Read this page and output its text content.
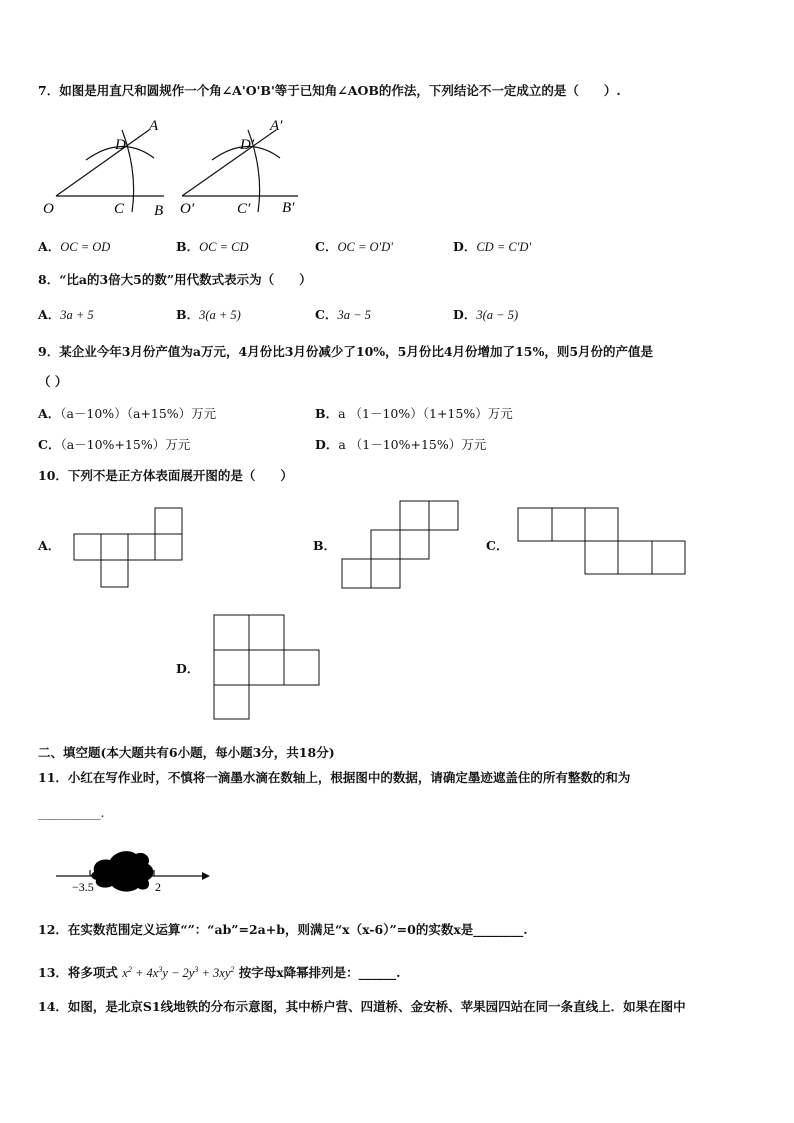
7．如图是用直尺和圆规作一个角∠A'O'B'等于已知角∠AOB的作法，下列结论不一定成立的是（　　）.
O	C B
D
A
O′	C′ B′
D′
A′
A．OC = OD	B．OC = CD	C．OC = O'D'	D．CD = C'D'
8．“比a的3倍大5的数”用代数式表示为（　　）
A．3a + 5	B．3(a + 5)	C．3a − 5	D．3(a − 5)
9．某企业今年3月份产值为a万元，4月份比3月份减少了10%，5月份比4月份增加了15%，则5月份的产值是
（ ）
A．（a－10%）（a+15%）万元	B．a （1－10%）（1+15%）万元
C．（a－10%+15%）万元	D．a （1－10%+15%）万元
10．下列不是正方体表面展开图的是（　　）
A．	B．	C．
D．
二、填空题(本大题共有6小题，每小题3分，共18分)
11．小红在写作业时，不慎将一滴墨水滴在数轴上，根据图中的数据，请确定墨迹遮盖住的所有整数的和为
__________.
−3.5	2
12．在实数范围定义运算“”：“ab”=2a+b，则满足“x（x-6）”=0的实数x是________.
13．将多项式 $x^2 + 4x^3y - 2y^3 + 3xy^2$ 按字母x降幂排列是：______.
14．如图，是北京S1线地铁的分布示意图，其中桥户营、四道桥、金安桥、苹果园四站在同一条直线上．如果在图中
